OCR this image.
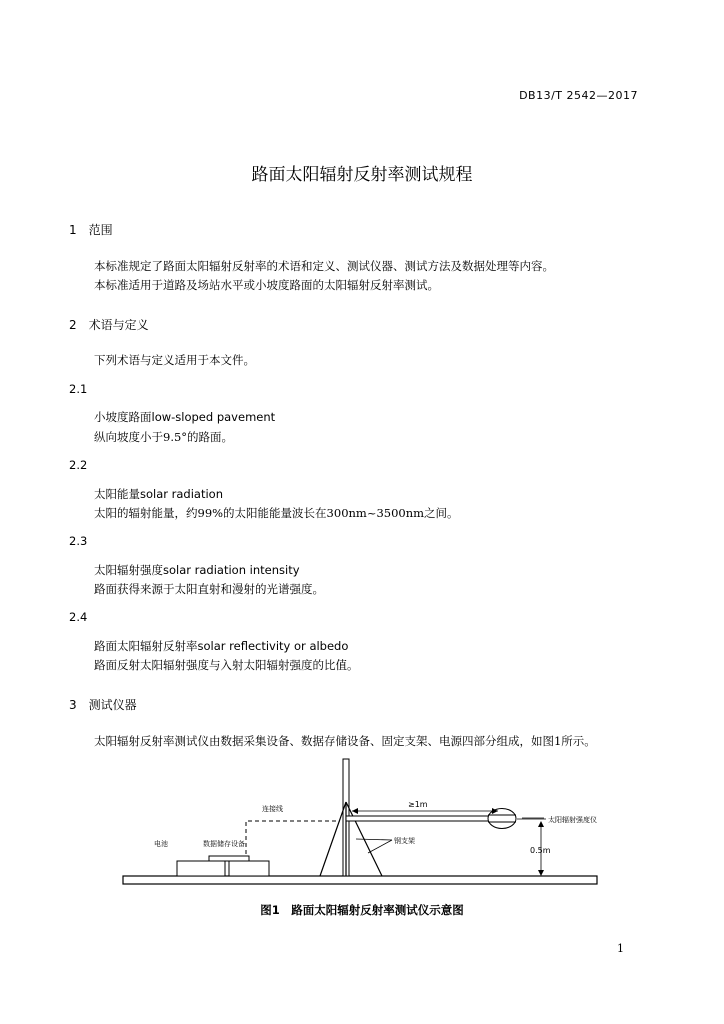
DB13/T 2542—2017
路面太阳辐射反射率测试规程
1　范围
本标准规定了路面太阳辐射反射率的术语和定义、测试仪器、测试方法及数据处理等内容。
本标准适用于道路及场站水平或小坡度路面的太阳辐射反射率测试。
2　术语与定义
下列术语与定义适用于本文件。
2.1
小坡度路面low-sloped pavement
纵向坡度小于9.5°的路面。
2.2
太阳能量solar radiation
太阳的辐射能量，约99%的太阳能能量波长在300nm~3500nm之间。
2.3
太阳辐射强度solar radiation intensity
路面获得来源于太阳直射和漫射的光谱强度。
2.4
路面太阳辐射反射率solar reflectivity or albedo
路面反射太阳辐射强度与入射太阳辐射强度的比值。
3　测试仪器
太阳辐射反射率测试仪由数据采集设备、数据存储设备、固定支架、电源四部分组成，如图1所示。
连接线	≥1m
太阳辐射强度仪
钢支架
电池	数据储存设备
0.5m
图1　路面太阳辐射反射率测试仪示意图
1
